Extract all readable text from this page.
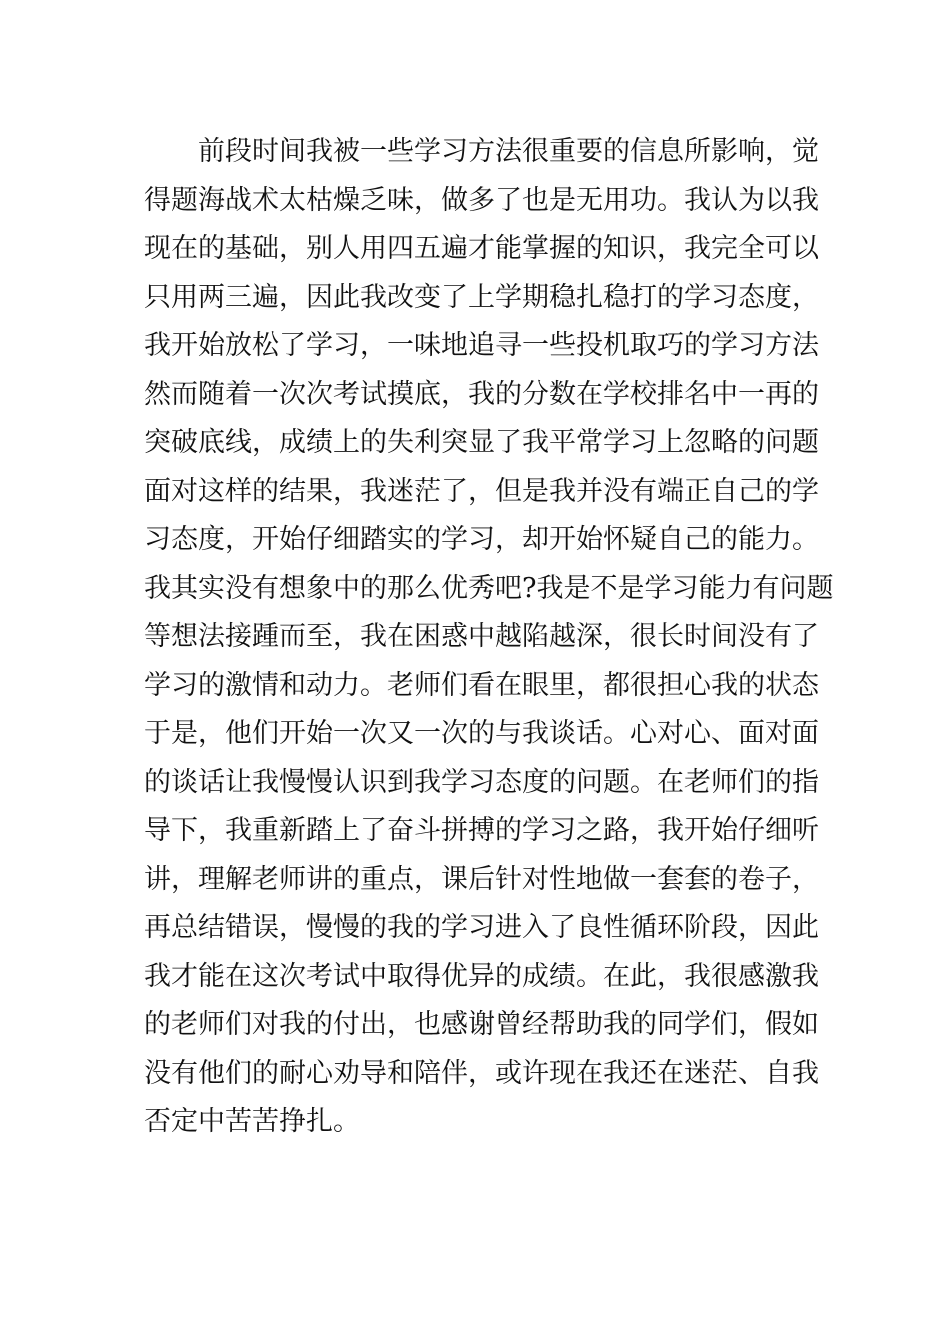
　　前段时间我被一些学习方法很重要的信息所影响，觉
得题海战术太枯燥乏味，做多了也是无用功。我认为以我
现在的基础，别人用四五遍才能掌握的知识，我完全可以
只用两三遍，因此我改变了上学期稳扎稳打的学习态度，
我开始放松了学习，一味地追寻一些投机取巧的学习方法
然而随着一次次考试摸底，我的分数在学校排名中一再的
突破底线，成绩上的失利突显了我平常学习上忽略的问题
面对这样的结果，我迷茫了，但是我并没有端正自己的学
习态度，开始仔细踏实的学习，却开始怀疑自己的能力。
我其实没有想象中的那么优秀吧?我是不是学习能力有问题
等想法接踵而至，我在困惑中越陷越深，很长时间没有了
学习的激情和动力。老师们看在眼里，都很担心我的状态
于是，他们开始一次又一次的与我谈话。心对心、面对面
的谈话让我慢慢认识到我学习态度的问题。在老师们的指
导下，我重新踏上了奋斗拼搏的学习之路，我开始仔细听
讲，理解老师讲的重点，课后针对性地做一套套的卷子，
再总结错误，慢慢的我的学习进入了良性循环阶段，因此
我才能在这次考试中取得优异的成绩。在此，我很感激我
的老师们对我的付出，也感谢曾经帮助我的同学们，假如
没有他们的耐心劝导和陪伴，或许现在我还在迷茫、自我
否定中苦苦挣扎。
